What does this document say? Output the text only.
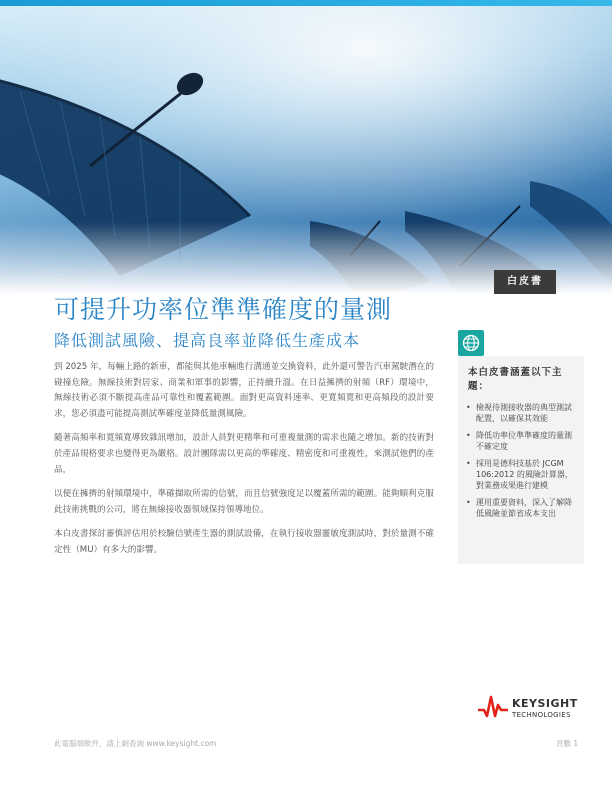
白皮書
可提升功率位準準確度的量測
降低測試風險、提高良率並降低生產成本

到 2025 年，每輛上路的新車，都能與其他車輛進行溝通並交換資料，此外還可警告汽車駕駛潛在的碰撞危險。無線技術對居家、商業和軍事的影響，正持續升溫。在日益擁擠的射頻（RF）環境中，無線技術必須不斷提高產品可靠性和覆蓋範圍。面對更高資料速率、更寬頻寬和更高頻段的設計要求，您必須盡可能提高測試準確度並降低量測風險。

隨著高頻率和寬頻寬導致雜訊增加，設計人員對更精準和可重複量測的需求也隨之增加。新的技術對於產品規格要求也變得更為嚴格。設計團隊需以更高的準確度、精密度和可重複性，來測試他們的產品，

以便在擁擠的射頻環境中，準確擷取所需的信號，而且信號強度足以覆蓋所需的範圍。能夠順利克服此技術挑戰的公司，將在無線接收器領域保持領導地位。

本白皮書探討審慎評估用於校驗信號產生器的測試設備，在執行接收器靈敏度測試時，對於量測不確定性（MU）有多大的影響。

本白皮書涵蓋以下主題：
• 檢視待測接收器的典型測試配置，以確保其效能
• 降低功率位準準確度的量測不確定度
• 採用是德科技基於 JCGM 106:2012 的風險計算器，對業務成果進行建模
• 運用重要資料，深入了解降低風險並節省成本支出
KEYSIGHT
TECHNOLOGIES
此電腦端軟件，請上網查詢 www.keysight.com	頁數 1
